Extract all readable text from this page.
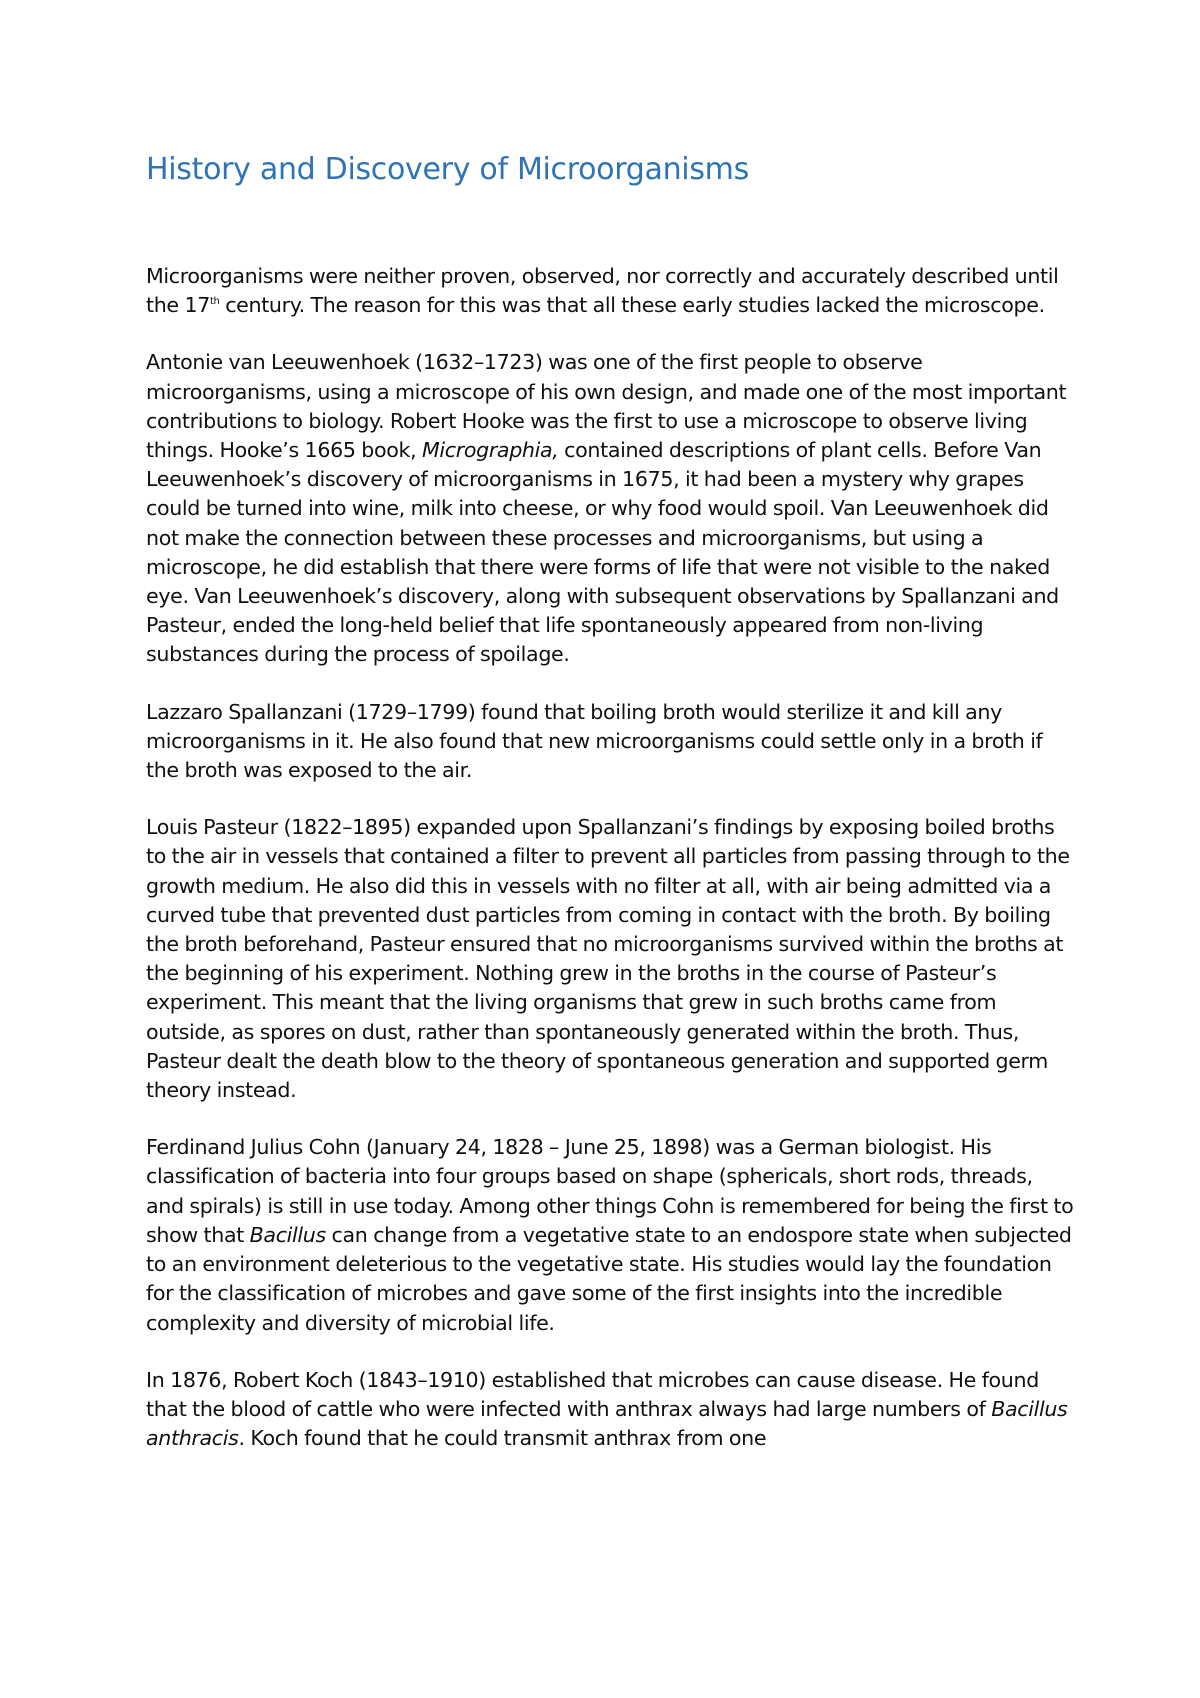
History and Discovery of Microorganisms

Microorganisms were neither proven, observed, nor correctly and accurately described until the 17th century. The reason for this was that all these early studies lacked the microscope.

Antonie van Leeuwenhoek (1632–1723) was one of the first people to observe microorganisms, using a microscope of his own design, and made one of the most important contributions to biology. Robert Hooke was the first to use a microscope to observe living things. Hooke’s 1665 book, Micrographia, contained descriptions of plant cells. Before Van Leeuwenhoek’s discovery of microorganisms in 1675, it had been a mystery why grapes could be turned into wine, milk into cheese, or why food would spoil. Van Leeuwenhoek did not make the connection between these processes and microorganisms, but using a microscope, he did establish that there were forms of life that were not visible to the naked eye. Van Leeuwenhoek’s discovery, along with subsequent observations by Spallanzani and Pasteur, ended the long-held belief that life spontaneously appeared from non-living substances during the process of spoilage.

Lazzaro Spallanzani (1729–1799) found that boiling broth would sterilize it and kill any microorganisms in it. He also found that new microorganisms could settle only in a broth if the broth was exposed to the air.

Louis Pasteur (1822–1895) expanded upon Spallanzani’s findings by exposing boiled broths to the air in vessels that contained a filter to prevent all particles from passing through to the growth medium. He also did this in vessels with no filter at all, with air being admitted via a curved tube that prevented dust particles from coming in contact with the broth. By boiling the broth beforehand, Pasteur ensured that no microorganisms survived within the broths at the beginning of his experiment. Nothing grew in the broths in the course of Pasteur’s experiment. This meant that the living organisms that grew in such broths came from outside, as spores on dust, rather than spontaneously generated within the broth. Thus, Pasteur dealt the death blow to the theory of spontaneous generation and supported germ theory instead.

Ferdinand Julius Cohn (January 24, 1828 – June 25, 1898) was a German biologist. His classification of bacteria into four groups based on shape (sphericals, short rods, threads, and spirals) is still in use today. Among other things Cohn is remembered for being the first to show that Bacillus can change from a vegetative state to an endospore state when subjected to an environment deleterious to the vegetative state. His studies would lay the foundation for the classification of microbes and gave some of the first insights into the incredible complexity and diversity of microbial life.

In 1876, Robert Koch (1843–1910) established that microbes can cause disease. He found that the blood of cattle who were infected with anthrax always had large numbers of Bacillus anthracis. Koch found that he could transmit anthrax from one
